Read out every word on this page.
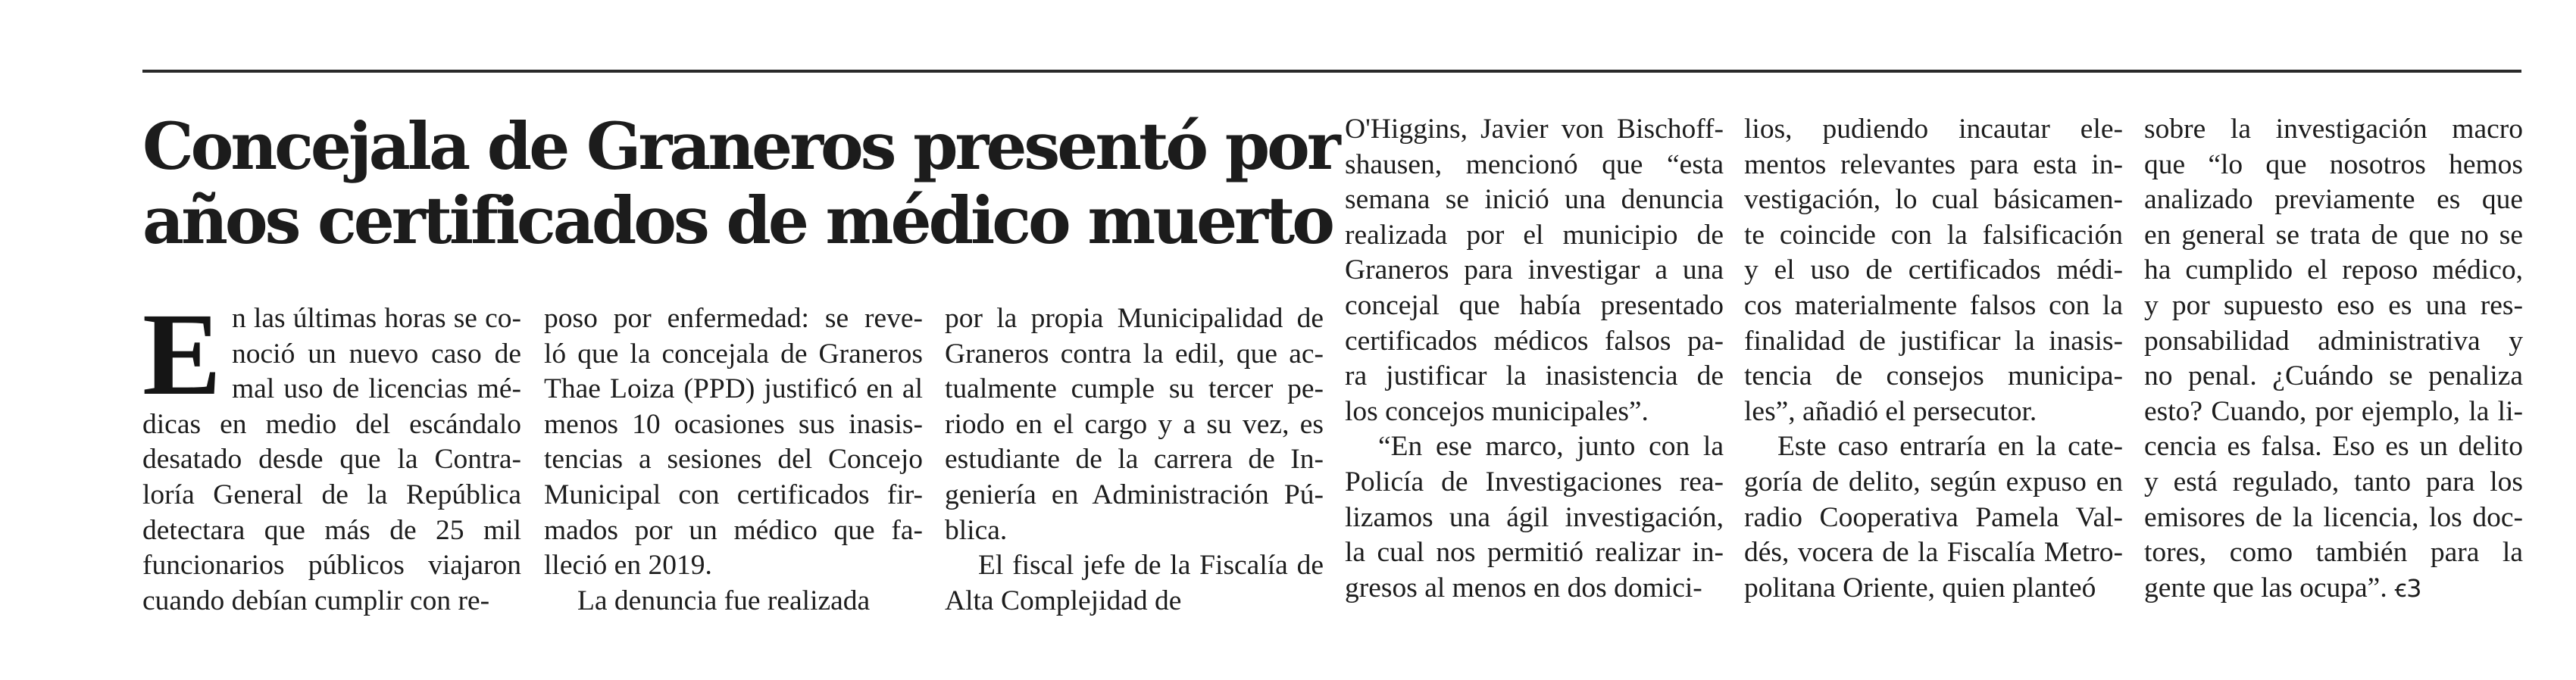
Concejala de Graneros presentó por
años certificados de médico muerto
E n las últimas horas se co-
noció un nuevo caso de
mal uso de licencias mé-
dicas en medio del escándalo
desatado desde que la Contra-
loría General de la República
detectara que más de 25 mil
funcionarios públicos viajaron
cuando debían cumplir con re-
poso por enfermedad: se reve-
ló que la concejala de Graneros
Thae Loiza (PPD) justificó en al
menos 10 ocasiones sus inasis-
tencias a sesiones del Concejo
Municipal con certificados fir-
mados por un médico que fa-
lleció en 2019.
La denuncia fue realizada
por la propia Municipalidad de
Graneros contra la edil, que ac-
tualmente cumple su tercer pe-
riodo en el cargo y a su vez, es
estudiante de la carrera de In-
geniería en Administración Pú-
blica.
El fiscal jefe de la Fiscalía de
Alta Complejidad de
O'Higgins, Javier von Bischoff-
shausen, mencionó que “esta
semana se inició una denuncia
realizada por el municipio de
Graneros para investigar a una
concejal que había presentado
certificados médicos falsos pa-
ra justificar la inasistencia de
los concejos municipales”.
“En ese marco, junto con la
Policía de Investigaciones rea-
lizamos una ágil investigación,
la cual nos permitió realizar in-
gresos al menos en dos domici-
lios, pudiendo incautar ele-
mentos relevantes para esta in-
vestigación, lo cual básicamen-
te coincide con la falsificación
y el uso de certificados médi-
cos materialmente falsos con la
finalidad de justificar la inasis-
tencia de consejos municipa-
les”, añadió el persecutor.
Este caso entraría en la cate-
goría de delito, según expuso en
radio Cooperativa Pamela Val-
dés, vocera de la Fiscalía Metro-
politana Oriente, quien planteó
sobre la investigación macro
que “lo que nosotros hemos
analizado previamente es que
en general se trata de que no se
ha cumplido el reposo médico,
y por supuesto eso es una res-
ponsabilidad administrativa y
no penal. ¿Cuándo se penaliza
esto? Cuando, por ejemplo, la li-
cencia es falsa. Eso es un delito
y está regulado, tanto para los
emisores de la licencia, los doc-
tores, como también para la
gente que las ocupa”. ꞓ3
